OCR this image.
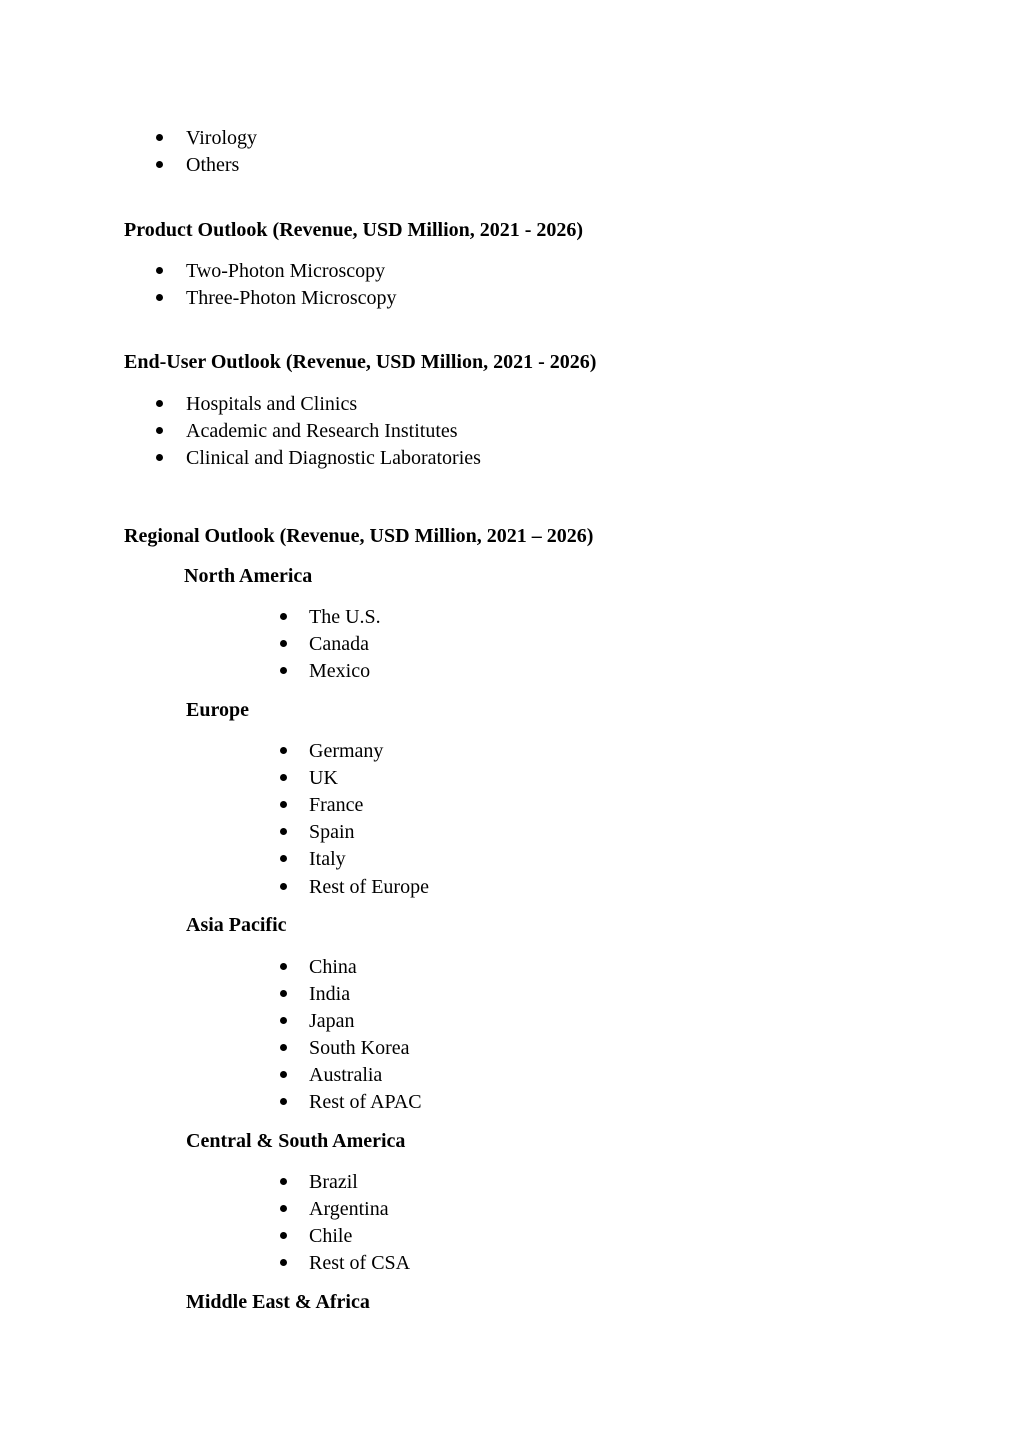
Virology
Others
Product Outlook (Revenue, USD Million, 2021 - 2026)
Two-Photon Microscopy
Three-Photon Microscopy
End-User Outlook (Revenue, USD Million, 2021 - 2026)
Hospitals and Clinics
Academic and Research Institutes
Clinical and Diagnostic Laboratories
Regional Outlook (Revenue, USD Million, 2021 – 2026)
North America
The U.S.
Canada
Mexico
Europe
Germany
UK
France
Spain
Italy
Rest of Europe
Asia Pacific
China
India
Japan
South Korea
Australia
Rest of APAC
Central & South America
Brazil
Argentina
Chile
Rest of CSA
Middle East & Africa
